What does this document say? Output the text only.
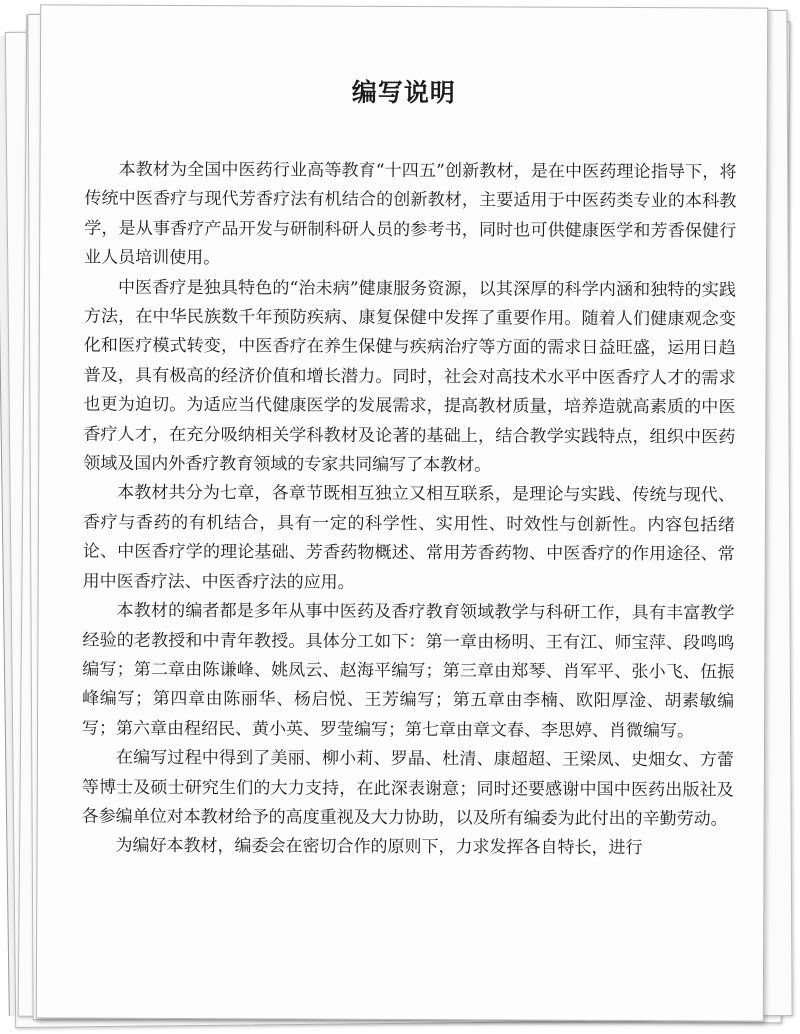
编写说明

本教材为全国中医药行业高等教育“十四五”创新教材，是在中医药理论指导下，将传统中医香疗与现代芳香疗法有机结合的创新教材，主要适用于中医药类专业的本科教学，是从事香疗产品开发与研制科研人员的参考书，同时也可供健康医学和芳香保健行业人员培训使用。

中医香疗是独具特色的“治未病”健康服务资源，以其深厚的科学内涵和独特的实践方法，在中华民族数千年预防疾病、康复保健中发挥了重要作用。随着人们健康观念变化和医疗模式转变，中医香疗在养生保健与疾病治疗等方面的需求日益旺盛，运用日趋普及，具有极高的经济价值和增长潜力。同时，社会对高技术水平中医香疗人才的需求也更为迫切。为适应当代健康医学的发展需求，提高教材质量，培养造就高素质的中医香疗人才，在充分吸纳相关学科教材及论著的基础上，结合教学实践特点，组织中医药领域及国内外香疗教育领域的专家共同编写了本教材。

本教材共分为七章，各章节既相互独立又相互联系，是理论与实践、传统与现代、香疗与香药的有机结合，具有一定的科学性、实用性、时效性与创新性。内容包括绪论、中医香疗学的理论基础、芳香药物概述、常用芳香药物、中医香疗的作用途径、常用中医香疗法、中医香疗法的应用。

本教材的编者都是多年从事中医药及香疗教育领域教学与科研工作，具有丰富教学经验的老教授和中青年教授。具体分工如下：第一章由杨明、王有江、师宝萍、段鸣鸣编写；第二章由陈谦峰、姚凤云、赵海平编写；第三章由郑琴、肖军平、张小飞、伍振峰编写；第四章由陈丽华、杨启悦、王芳编写；第五章由李楠、欧阳厚淦、胡素敏编写；第六章由程绍民、黄小英、罗莹编写；第七章由章文春、李思婷、肖微编写。

在编写过程中得到了美丽、柳小莉、罗晶、杜清、康超超、王梁凤、史畑女、方蕾等博士及硕士研究生们的大力支持，在此深表谢意；同时还要感谢中国中医药出版社及各参编单位对本教材给予的高度重视及大力协助，以及所有编委为此付出的辛勤劳动。

为编好本教材，编委会在密切合作的原则下，力求发挥各自特长，进行
